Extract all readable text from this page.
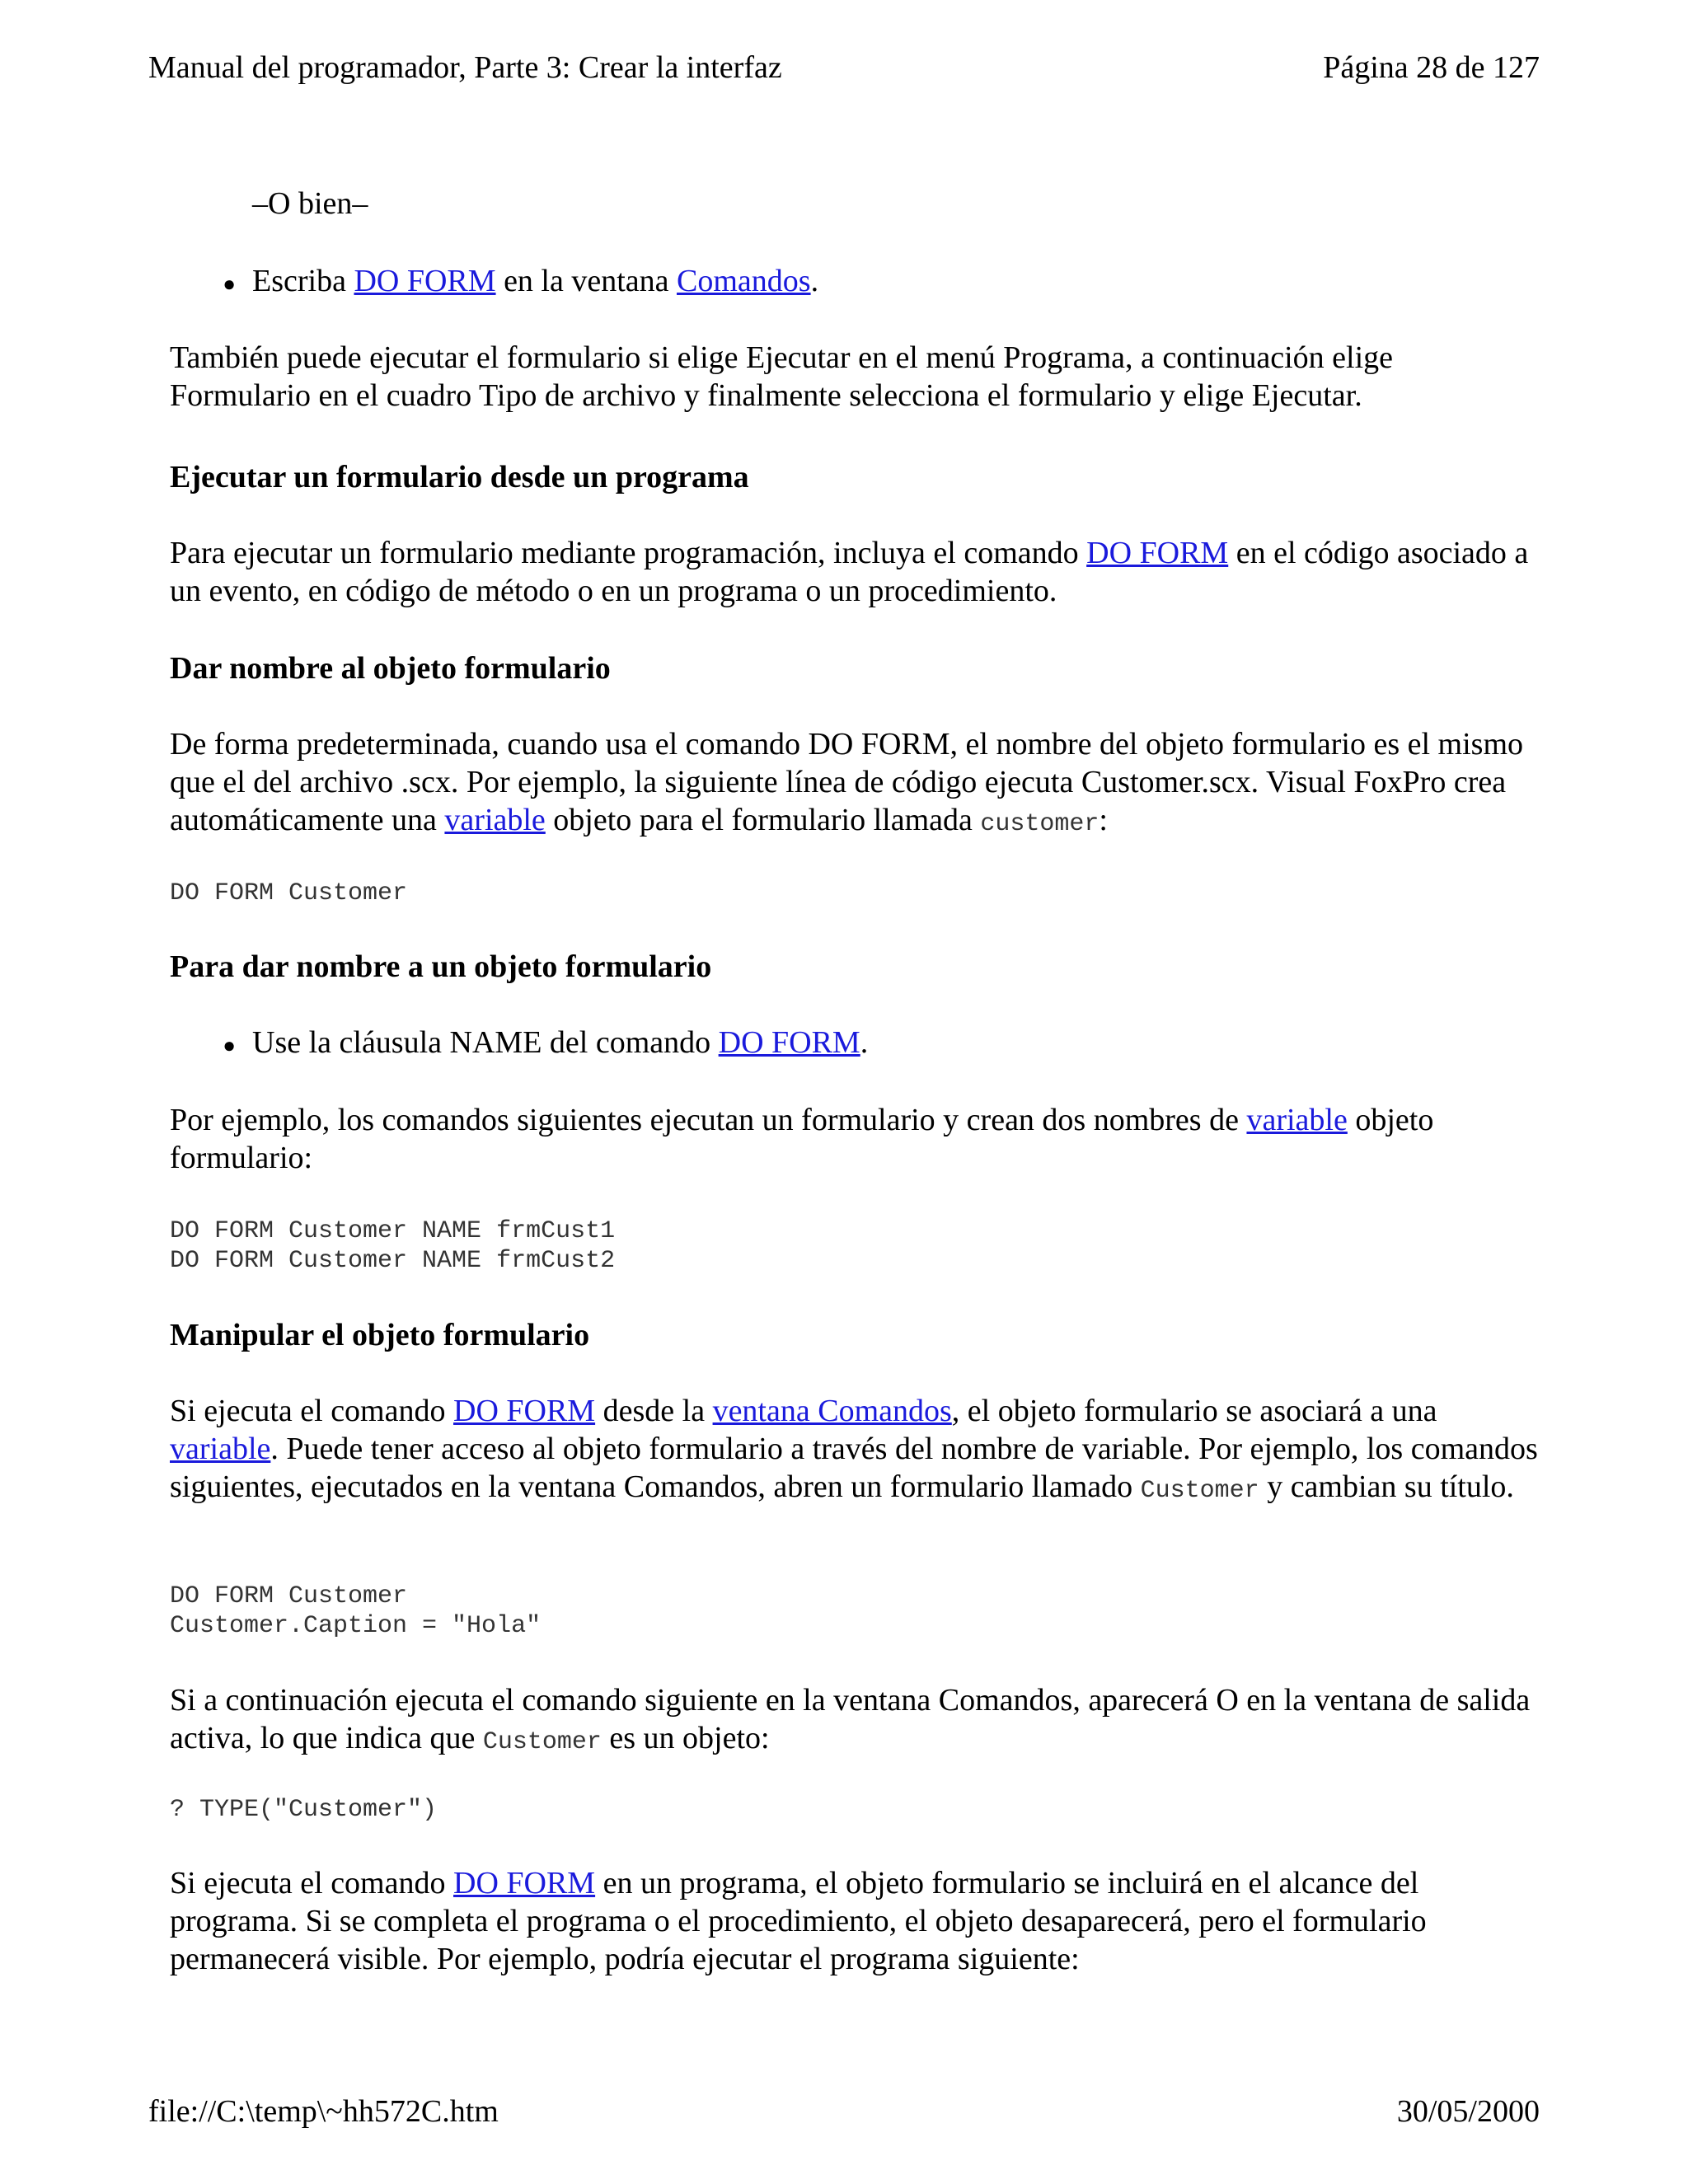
Manual del programador, Parte 3: Crear la interfaz	Página 28 de 127

–O bien–

● Escriba DO FORM en la ventana Comandos.

También puede ejecutar el formulario si elige Ejecutar en el menú Programa, a continuación elige Formulario en el cuadro Tipo de archivo y finalmente selecciona el formulario y elige Ejecutar.

Ejecutar un formulario desde un programa

Para ejecutar un formulario mediante programación, incluya el comando DO FORM en el código asociado a un evento, en código de método o en un programa o un procedimiento.

Dar nombre al objeto formulario

De forma predeterminada, cuando usa el comando DO FORM, el nombre del objeto formulario es el mismo que el del archivo .scx. Por ejemplo, la siguiente línea de código ejecuta Customer.scx. Visual FoxPro crea automáticamente una variable objeto para el formulario llamada customer:

DO FORM Customer
Para dar nombre a un objeto formulario
● Use la cláusula NAME del comando DO FORM.

Por ejemplo, los comandos siguientes ejecutan un formulario y crean dos nombres de variable objeto formulario:

DO FORM Customer NAME frmCust1
DO FORM Customer NAME frmCust2
Manipular el objeto formulario

Si ejecuta el comando DO FORM desde la ventana Comandos, el objeto formulario se asociará a una variable. Puede tener acceso al objeto formulario a través del nombre de variable. Por ejemplo, los comandos siguientes, ejecutados en la ventana Comandos, abren un formulario llamado Customer y cambian su título.

DO FORM Customer
Customer.Caption = "Hola"

Si a continuación ejecuta el comando siguiente en la ventana Comandos, aparecerá O en la ventana de salida activa, lo que indica que Customer es un objeto:

? TYPE("Customer")

Si ejecuta el comando DO FORM en un programa, el objeto formulario se incluirá en el alcance del programa. Si se completa el programa o el procedimiento, el objeto desaparecerá, pero el formulario permanecerá visible. Por ejemplo, podría ejecutar el programa siguiente:

file://C:\temp\~hh572C.htm	30/05/2000
